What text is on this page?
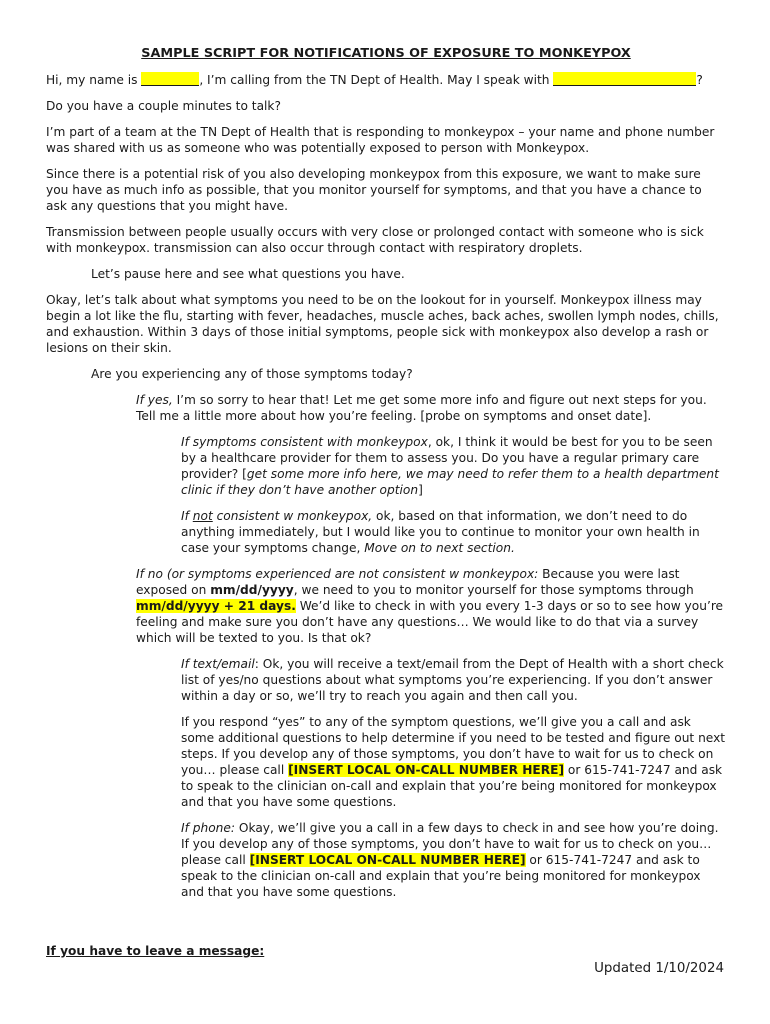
SAMPLE SCRIPT FOR NOTIFICATIONS OF EXPOSURE TO MONKEYPOX

Hi, my name is	, I’m calling from the TN Dept of Health. May I speak with	?

Do you have a couple minutes to talk?

I’m part of a team at the TN Dept of Health that is responding to monkeypox – your name and phone number was shared with us as someone who was potentially exposed to person with Monkeypox.

Since there is a potential risk of you also developing monkeypox from this exposure, we want to make sure you have as much info as possible, that you monitor yourself for symptoms, and that you have a chance to ask any questions that you might have.

Transmission between people usually occurs with very close or prolonged contact with someone who is sick with monkeypox. transmission can also occur through contact with respiratory droplets.

Let’s pause here and see what questions you have.

Okay, let’s talk about what symptoms you need to be on the lookout for in yourself. Monkeypox illness may begin a lot like the flu, starting with fever, headaches, muscle aches, back aches, swollen lymph nodes, chills, and exhaustion. Within 3 days of those initial symptoms, people sick with monkeypox also develop a rash or lesions on their skin.

Are you experiencing any of those symptoms today?

If yes, I’m so sorry to hear that! Let me get some more info and figure out next steps for you. Tell me a little more about how you’re feeling. [probe on symptoms and onset date].

If symptoms consistent with monkeypox, ok, I think it would be best for you to be seen by a healthcare provider for them to assess you. Do you have a regular primary care provider? [get some more info here, we may need to refer them to a health department clinic if they don’t have another option]

If not consistent w monkeypox, ok, based on that information, we don’t need to do anything immediately, but I would like you to continue to monitor your own health in case your symptoms change, Move on to next section.

If no (or symptoms experienced are not consistent w monkeypox: Because you were last exposed on mm/dd/yyyy, we need to you to monitor yourself for those symptoms through mm/dd/yyyy + 21 days. We’d like to check in with you every 1-3 days or so to see how you’re feeling and make sure you don’t have any questions… We would like to do that via a survey which will be texted to you. Is that ok?

If text/email: Ok, you will receive a text/email from the Dept of Health with a short check list of yes/no questions about what symptoms you’re experiencing. If you don’t answer within a day or so, we’ll try to reach you again and then call you.

If you respond “yes” to any of the symptom questions, we’ll give you a call and ask some additional questions to help determine if you need to be tested and figure out next steps. If you develop any of those symptoms, you don’t have to wait for us to check on you… please call [INSERT LOCAL ON-CALL NUMBER HERE] or 615-741-7247 and ask to speak to the clinician on-call and explain that you’re being monitored for monkeypox and that you have some questions.

If phone: Okay, we’ll give you a call in a few days to check in and see how you’re doing. If you develop any of those symptoms, you don’t have to wait for us to check on you… please call [INSERT LOCAL ON-CALL NUMBER HERE] or 615-741-7247 and ask to speak to the clinician on-call and explain that you’re being monitored for monkeypox and that you have some questions.

If you have to leave a message:

Updated 1/10/2024
